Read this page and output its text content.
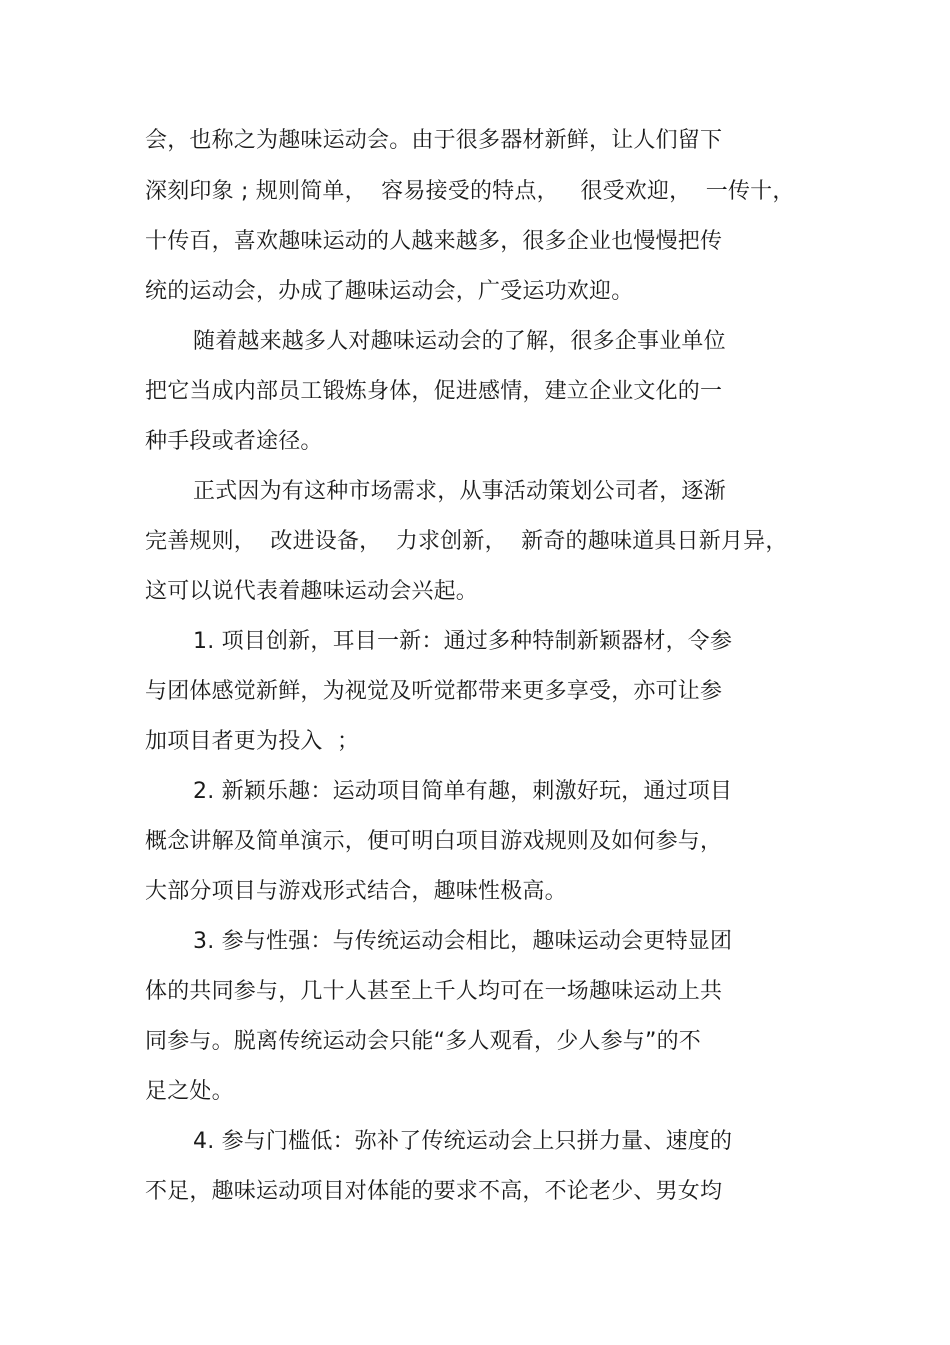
会，也称之为趣味运动会。由于很多器材新鲜，让人们留下
深刻印象 ; 规则简单，  容易接受的特点，   很受欢迎，  一传十，
十传百，喜欢趣味运动的人越来越多，很多企业也慢慢把传
统的运动会，办成了趣味运动会，广受运功欢迎。
随着越来越多人对趣味运动会的了解，很多企事业单位
把它当成内部员工锻炼身体，促进感情，建立企业文化的一
种手段或者途径。
正式因为有这种市场需求，从事活动策划公司者，逐渐
完善规则，  改进设备，  力求创新，  新奇的趣味道具日新月异，
这可以说代表着趣味运动会兴起。
1. 项目创新，耳目一新：通过多种特制新颖器材，令参
与团体感觉新鲜，为视觉及听觉都带来更多享受，亦可让参
加项目者更为投入  ；
2. 新颖乐趣：运动项目简单有趣，刺激好玩，通过项目
概念讲解及简单演示，便可明白项目游戏规则及如何参与，
大部分项目与游戏形式结合，趣味性极高。
3. 参与性强：与传统运动会相比，趣味运动会更特显团
体的共同参与，几十人甚至上千人均可在一场趣味运动上共
同参与。脱离传统运动会只能“多人观看，少人参与”的不
足之处。
4. 参与门槛低：弥补了传统运动会上只拼力量、速度的
不足，趣味运动项目对体能的要求不高，不论老少、男女均
